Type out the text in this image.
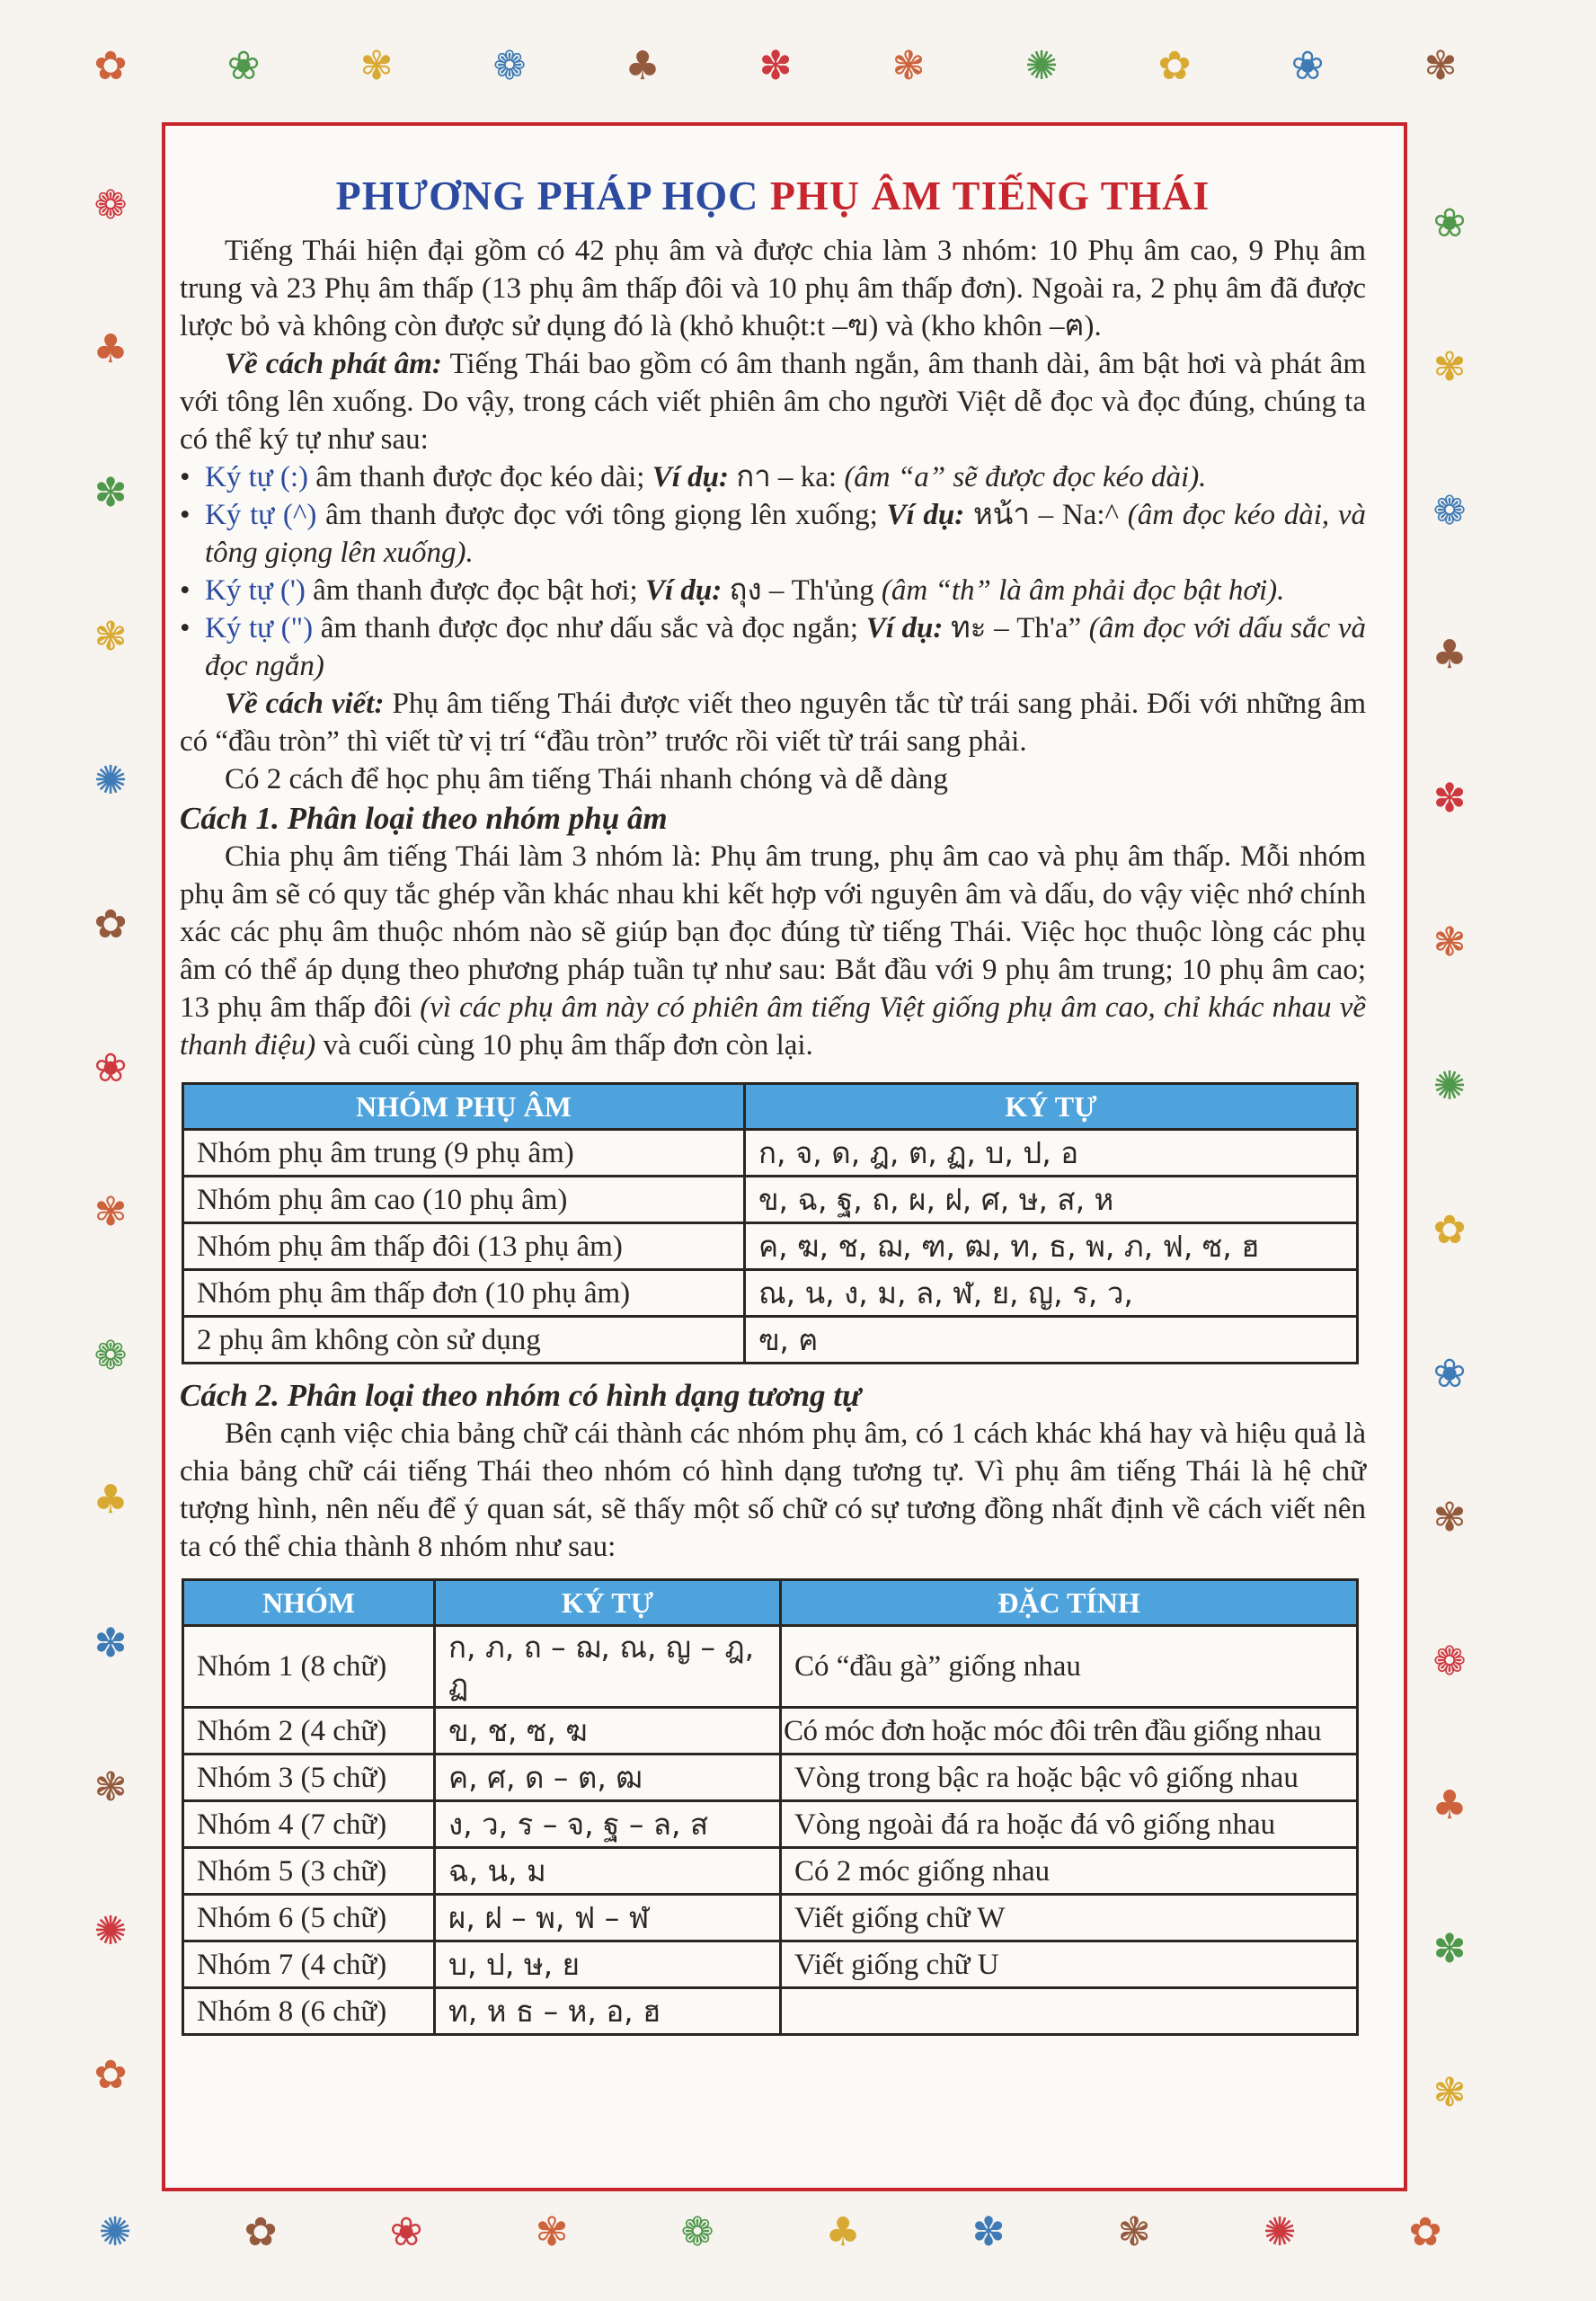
✿	❀	✾	❁	♣	✽	❃	✺	✿	❀	✾
❁
♣
✽
❃
✺
✿
❀
✾
❁
♣
✽
❃
✺
✿
❀
✾
❁
♣
✽
❃
✺
✿
❀
✾
❁
♣
✽
❃
✺	✿	❀	✾	❁	♣	✽	❃	✺	✿
PHƯƠNG PHÁP HỌC PHỤ ÂM TIẾNG THÁI

Tiếng Thái hiện đại gồm có 42 phụ âm và được chia làm 3 nhóm: 10 Phụ âm cao, 9 Phụ âm trung và 23 Phụ âm thấp (13 phụ âm thấp đôi và 10 phụ âm thấp đơn). Ngoài ra, 2 phụ âm đã được lược bỏ và không còn được sử dụng đó là (khỏ khuột:t –ฃ) và (kho khôn –ฅ).

Về cách phát âm: Tiếng Thái bao gồm có âm thanh ngắn, âm thanh dài, âm bật hơi và phát âm với tông lên xuống. Do vậy, trong cách viết phiên âm cho người Việt dễ đọc và đọc đúng, chúng ta có thể ký tự như sau:

• Ký tự (:) âm thanh được đọc kéo dài; Ví dụ: กา – ka: (âm “a” sẽ được đọc kéo dài).
• Ký tự (^) âm thanh được đọc với tông giọng lên xuống; Ví dụ: หน้า – Na:^ (âm đọc kéo dài, và tông giọng lên xuống).
• Ký tự (') âm thanh được đọc bật hơi; Ví dụ: ถุง – Th'ủng (âm “th” là âm phải đọc bật hơi).
• Ký tự (") âm thanh được đọc như dấu sắc và đọc ngắn; Ví dụ: ทะ – Th'a” (âm đọc với dấu sắc và đọc ngắn)

Về cách viết: Phụ âm tiếng Thái được viết theo nguyên tắc từ trái sang phải. Đối với những âm có “đầu tròn” thì viết từ vị trí “đầu tròn” trước rồi viết từ trái sang phải.

Có 2 cách để học phụ âm tiếng Thái nhanh chóng và dễ dàng

Cách 1. Phân loại theo nhóm phụ âm

Chia phụ âm tiếng Thái làm 3 nhóm là: Phụ âm trung, phụ âm cao và phụ âm thấp. Mỗi nhóm phụ âm sẽ có quy tắc ghép vần khác nhau khi kết hợp với nguyên âm và dấu, do vậy việc nhớ chính xác các phụ âm thuộc nhóm nào sẽ giúp bạn đọc đúng từ tiếng Thái. Việc học thuộc lòng các phụ âm có thể áp dụng theo phương pháp tuần tự như sau: Bắt đầu với 9 phụ âm trung; 10 phụ âm cao; 13 phụ âm thấp đôi (vì các phụ âm này có phiên âm tiếng Việt giống phụ âm cao, chỉ khác nhau về thanh điệu) và cuối cùng 10 phụ âm thấp đơn còn lại.

NHÓM PHỤ ÂM	KÝ TỰ
Nhóm phụ âm trung (9 phụ âm)	ก, จ, ด, ฎ, ต, ฏ, บ, ป, อ
Nhóm phụ âm cao (10 phụ âm)	ข, ฉ, ฐ, ถ, ผ, ฝ, ศ, ษ, ส, ห
Nhóm phụ âm thấp đôi (13 phụ âm)	ค, ฆ, ช, ฌ, ฑ, ฒ, ท, ธ, พ, ภ, ฟ, ซ, ฮ
Nhóm phụ âm thấp đơn (10 phụ âm)	ณ, น, ง, ม, ล, ฬ, ย, ญ, ร, ว,
2 phụ âm không còn sử dụng	ฃ, ฅ
Cách 2. Phân loại theo nhóm có hình dạng tương tự

Bên cạnh việc chia bảng chữ cái thành các nhóm phụ âm, có 1 cách khác khá hay và hiệu quả là chia bảng chữ cái tiếng Thái theo nhóm có hình dạng tương tự. Vì phụ âm tiếng Thái là hệ chữ tượng hình, nên nếu để ý quan sát, sẽ thấy một số chữ có sự tương đồng nhất định về cách viết nên ta có thể chia thành 8 nhóm như sau:

NHÓM	KÝ TỰ	ĐẶC TÍNH
Nhóm 1 (8 chữ)	ก, ภ, ถ – ฌ, ณ, ญ – ฎ, ฏ	Có “đầu gà” giống nhau
Nhóm 2 (4 chữ)	ข, ช, ซ, ฆ	Có móc đơn hoặc móc đôi trên đầu giống nhau
Nhóm 3 (5 chữ)	ค, ศ, ด – ต, ฒ	Vòng trong bậc ra hoặc bậc vô giống nhau
Nhóm 4 (7 chữ)	ง, ว, ร – จ, ฐ – ล, ส	Vòng ngoài đá ra hoặc đá vô giống nhau
Nhóm 5 (3 chữ)	ฉ, น, ม	Có 2 móc giống nhau
Nhóm 6 (5 chữ)	ผ, ฝ – พ, ฟ – ฬ	Viết giống chữ W
Nhóm 7 (4 chữ)	บ, ป, ษ, ย	Viết giống chữ U
Nhóm 8 (6 chữ)	ท, ห ธ – ห, อ, ฮ	
